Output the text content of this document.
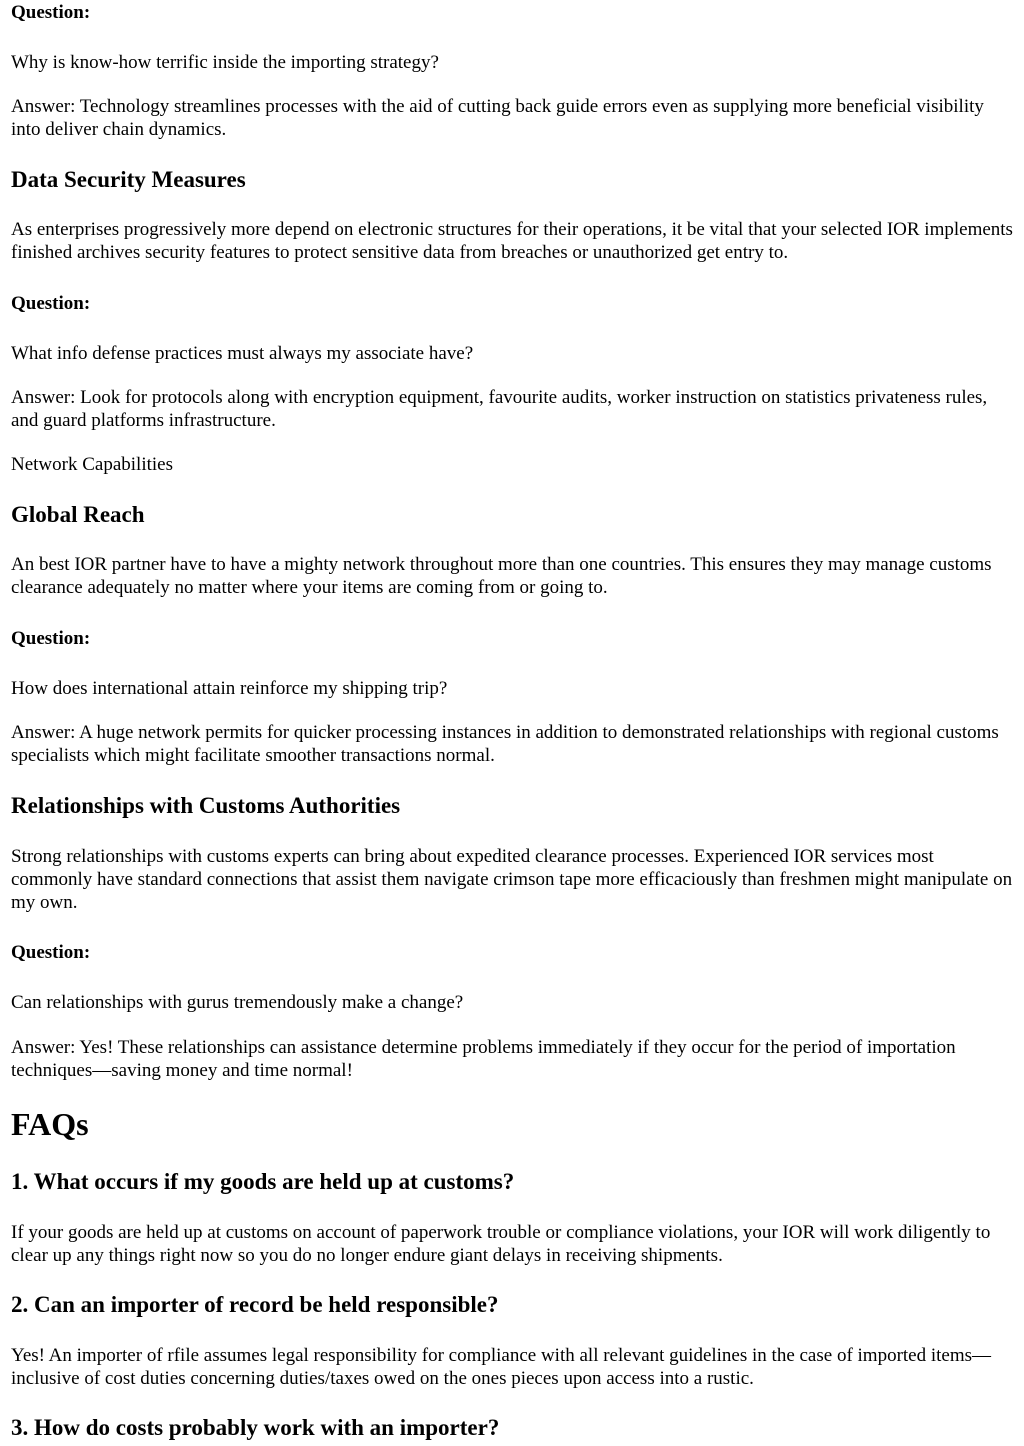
Question:

Why is know-how terrific inside the importing strategy?

Answer: Technology streamlines processes with the aid of cutting back guide errors even as supplying more beneficial visibility into deliver chain dynamics.

Data Security Measures

As enterprises progressively more depend on electronic structures for their operations, it be vital that your selected IOR implements finished archives security features to protect sensitive data from breaches or unauthorized get entry to.

Question:

What info defense practices must always my associate have?

Answer: Look for protocols along with encryption equipment, favourite audits, worker instruction on statistics privateness rules, and guard platforms infrastructure.

Network Capabilities

Global Reach

An best IOR partner have to have a mighty network throughout more than one countries. This ensures they may manage customs clearance adequately no matter where your items are coming from or going to.

Question:

How does international attain reinforce my shipping trip?

Answer: A huge network permits for quicker processing instances in addition to demonstrated relationships with regional customs specialists which might facilitate smoother transactions normal.

Relationships with Customs Authorities

Strong relationships with customs experts can bring about expedited clearance processes. Experienced IOR services most commonly have standard connections that assist them navigate crimson tape more efficaciously than freshmen might manipulate on my own.

Question:

Can relationships with gurus tremendously make a change?

Answer: Yes! These relationships can assistance determine problems immediately if they occur for the period of importation techniques—saving money and time normal!

FAQs
1. What occurs if my goods are held up at customs?

If your goods are held up at customs on account of paperwork trouble or compliance violations, your IOR will work diligently to clear up any things right now so you do no longer endure giant delays in receiving shipments.

2. Can an importer of record be held responsible?

Yes! An importer of rfile assumes legal responsibility for compliance with all relevant guidelines in the case of imported items—inclusive of cost duties concerning duties/taxes owed on the ones pieces upon access into a rustic.

3. How do costs probably work with an importer?
